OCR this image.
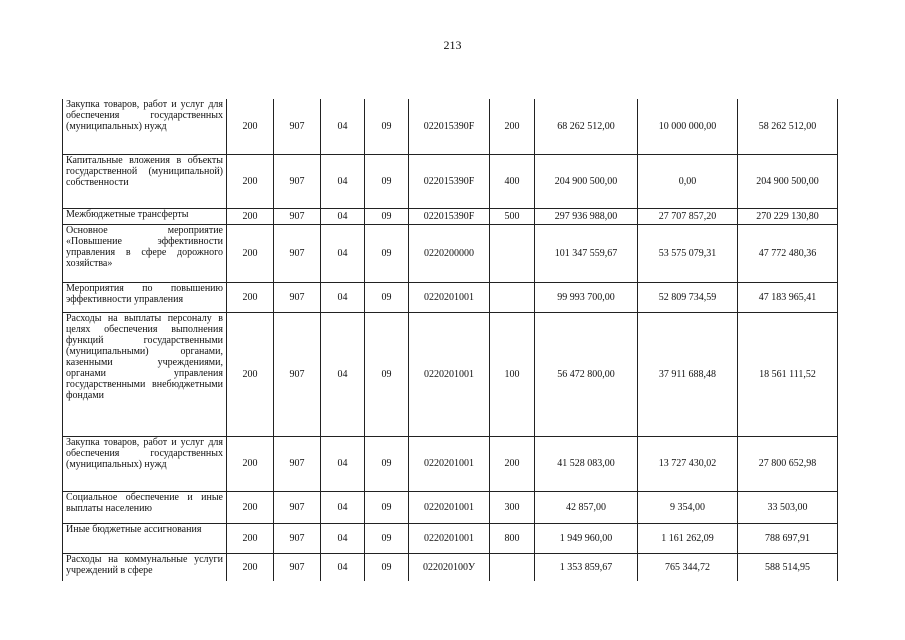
213
Закупка товаров, работ и услуг для обеспечения государственных (муниципальных) нужд	200	907	04	09	022015390F	200	68 262 512,00	10 000 000,00	58 262 512,00
Капитальные вложения в объекты государственной (муниципальной) собственности	200	907	04	09	022015390F	400	204 900 500,00	0,00	204 900 500,00
Межбюджетные трансферты	200	907	04	09	022015390F	500	297 936 988,00	27 707 857,20	270 229 130,80
Основное мероприятие «Повышение эффективности управления в сфере дорожного хозяйства»	200	907	04	09	0220200000		101 347 559,67	53 575 079,31	47 772 480,36
Мероприятия по повышению эффективности управления	200	907	04	09	0220201001		99 993 700,00	52 809 734,59	47 183 965,41
Расходы на выплаты персоналу в целях обеспечения выполнения функций государственными (муниципальными) органами, казенными учреждениями, органами управления государственными внебюджетными фондами	200	907	04	09	0220201001	100	56 472 800,00	37 911 688,48	18 561 111,52
Закупка товаров, работ и услуг для обеспечения государственных (муниципальных) нужд	200	907	04	09	0220201001	200	41 528 083,00	13 727 430,02	27 800 652,98
Социальное обеспечение и иные выплаты населению	200	907	04	09	0220201001	300	42 857,00	9 354,00	33 503,00
Иные бюджетные ассигнования	200	907	04	09	0220201001	800	1 949 960,00	1 161 262,09	788 697,91
Расходы на коммунальные услуги учреждений в сфере	200	907	04	09	022020100У		1 353 859,67	765 344,72	588 514,95
